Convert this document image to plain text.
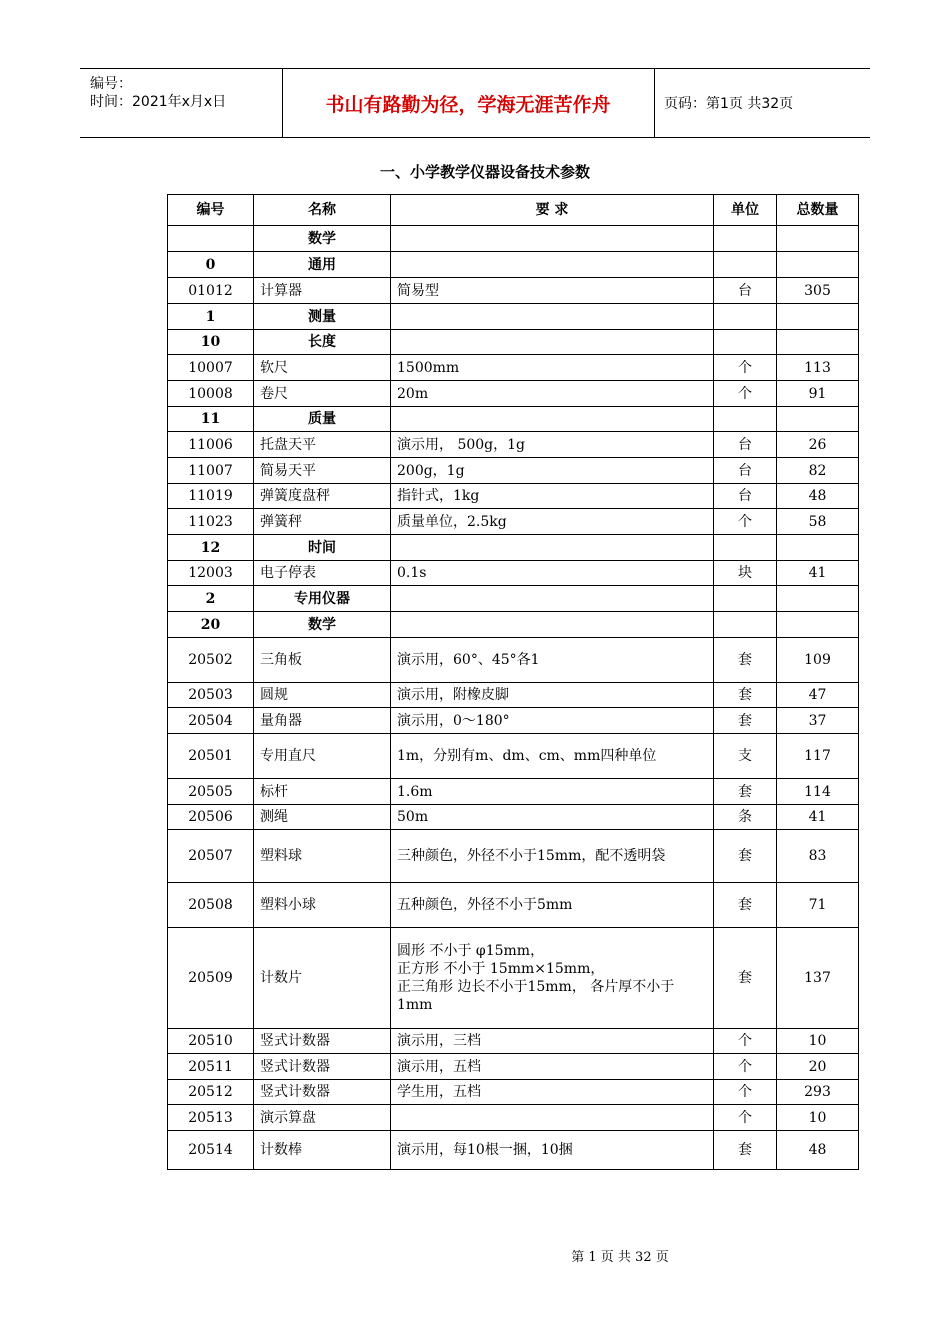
编号：
时间：2021年x月x日	书山有路勤为径，学海无涯苦作舟	页码：第1页 共32页
一、小学教学仪器设备技术参数
编号	名称	要 求	单位	总数量
	数学			
0	通用			
01012	计算器	简易型	台	305
1	测量			
10	长度			
10007	软尺	1500mm	个	113
10008	卷尺	20m	个	91
11	质量			
11006	托盘天平	演示用， 500g，1g	台	26
11007	简易天平	200g，1g	台	82
11019	弹簧度盘秤	指针式，1kg	台	48
11023	弹簧秤	质量单位，2.5kg	个	58
12	时间			
12003	电子停表	0.1s	块	41
2	专用仪器			
20	数学			
20502	三角板	演示用，60°、45°各1	套	109
20503	圆规	演示用，附橡皮脚	套	47
20504	量角器	演示用，0～180°	套	37
20501	专用直尺	1m，分别有m、dm、cm、mm四种单位	支	117
20505	标杆	1.6m	套	114
20506	测绳	50m	条	41
20507	塑料球	三种颜色，外径不小于15mm，配不透明袋	套	83
20508	塑料小球	五种颜色，外径不小于5mm	套	71
20509	计数片	圆形 不小于 φ15mm，
正方形 不小于 15mm×15mm，
正三角形 边长不小于15mm， 各片厚不小于1mm	套	137
20510	竖式计数器	演示用，三档	个	10
20511	竖式计数器	演示用，五档	个	20
20512	竖式计数器	学生用，五档	个	293
20513	演示算盘		个	10
20514	计数棒	演示用，每10根一捆，10捆	套	48
第 1 页 共 32 页
